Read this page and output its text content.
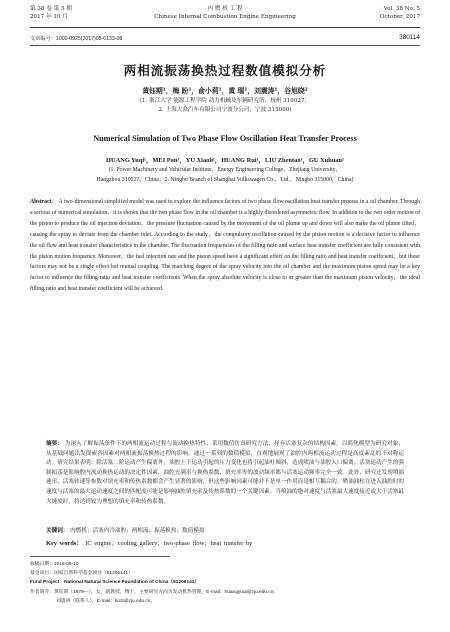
第 38 卷 第 5 期
2017 年 10 月
内 燃 机 工 程
Chinese Internal Combustion Engine Engineering
Vol. 38 No. 5
October, 2017
文章编号：1000-0925(2017)05-0133-08	380114
两相流振荡换热过程数值模拟分析
黄钰期¹，梅 盼¹，俞小莉¹，黄 瑞¹，刘震涛¹，谷旭晓²
(1. 浙江大学 能源工程学院 动力机械及车辆研究所，杭州 310027；
2. 上海大众汽车有限公司宁波分公司，宁波 315000)
Numerical Simulation of Two Phase Flow Oscillation Heat Transfer Process
HUANG Yuqi¹，MEI Pan¹，YU Xiaoli¹，HUANG Rui¹，LIU Zhentao¹，GU Xuhuan²
(1. Power Machinery and Vehicular Institute，Energy Engineering College，Zhejiang University，
Hangzhou 310027，China；2. Ningbo Branch of Shanghai Volkswagen Co.，Ltd.，Ningbo 315000，China)
Abstract： A two-dimensional simplified model was used to explore the influence factors of two phase flow oscillation heat transfer process in a oil chamber. Through a serious of numerical simulation，it is shown that the two phase flow in the oil chamber is a highly disordered asymmetric flow. In addition to the two order motion of the piston to produce the oil injection deviation，the pressure fluctuation caused by the movement of the oil plume up and down will also make the oil plume tilted，causing the spray to deviate from the chamber inlet. According to the study，the compulsory oscillation caused by the piston motion is a decisive factor to influence the oil flow and heat transfer characteristics in the chamber. The fluctuation frequencies of the filling ratio and surface heat transfer coefficient are fully consistent with the piston motion frequency. Moreover，the fuel injection rate and the piston speed have a significant effect on the filling ratio and heat transfer coefficient，but these factors may not be a single effect but mutual coupling. The matching degree of the spray velocity into the oil chamber and the maximum piston speed may be a key factor to influence the filling ratio and heat transfer coefficients. When the spray absolute velocity is close to or greater than the maximum piston velocity，the ideal filling ratio and heat transfer coefficient will be achieved.
摘要： 为深入了解振荡条件下的两相流运动过程与流动换热特性，采用数值仿真研究方法，择弃活塞复杂的结构因素，以简化模型为研究对象，从基础问题出发探索各因素对两相流振荡换热过程的影响。通过一系列的数值模拟，直观地展现了油腔内两相流运动过程是高度紊乱的不对称运动。研究结果表明：除活塞二阶运动产生偏离外，油腔上下运动引起的压力变化也将引起油柱倾斜，造成喷油与油腔入口偏离；活塞运动产生的强制振荡是影响腔内流动换热运动的决定性因素，油腔充满率与换热系数、填充率等的波动频率都与活塞运动频率完全一致。此外，研究还发现喷油速率、活塞转速等参数对填充率和传热系数都会产生显著的影响，但这些影响因素可能并不是单一作用而是相互耦合的。喷油油柱在进入油腔时的速度与活塞的最大运动速度之间的匹配度可能是影响油腔填充率及传热系数的一个关键因素；当喷油的绝对速度与活塞最大速度接近或大于活塞最大速度时，将达到较为理想的填充率和传热系数。
关键词： 内燃机；活塞内冷油腔；两相流；振荡换热；数值模拟
Key words： IC engine；cooling gallery；two-phase flow；heat transfer by
收稿日期：2016-06-10
基金项目：国家自然科学基金项目（51206141）
Fund Project：National Natural Science Foundation of China（51206141）
作者简介：黄钰期（1979—），女，副教授，博士，主要研究方向为发动机热管理，E-mail：huangyuqi@zju.edu.cn；
刘震涛（联系人），E-mail：liuzt@zju.edu.cn。
